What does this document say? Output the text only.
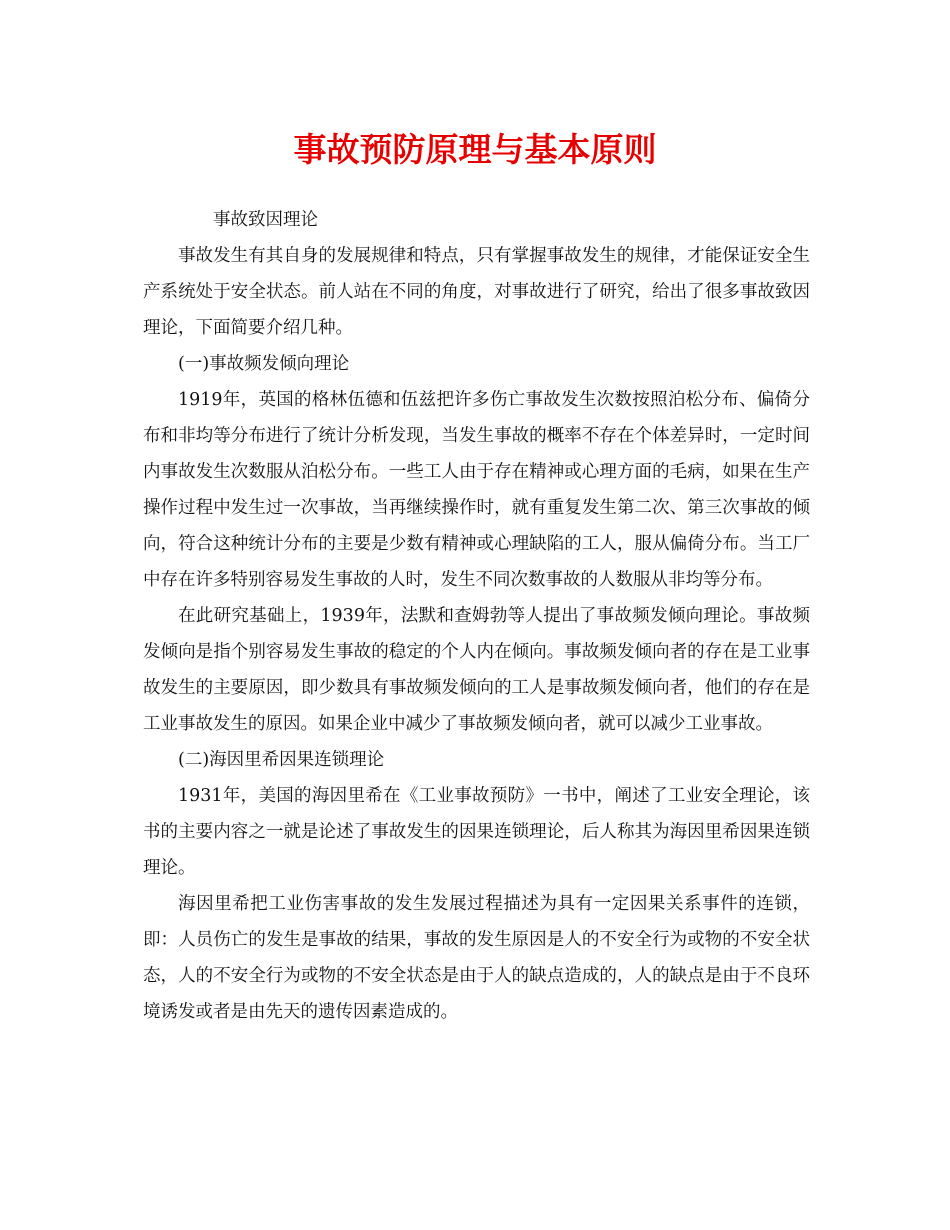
事故预防原理与基本原则

事故致因理论

事故发生有其自身的发展规律和特点，只有掌握事故发生的规律，才能保证安全生产系统处于安全状态。前人站在不同的角度，对事故进行了研究，给出了很多事故致因理论，下面简要介绍几种。

(一)事故频发倾向理论

1919年，英国的格林伍德和伍兹把许多伤亡事故发生次数按照泊松分布、偏倚分布和非均等分布进行了统计分析发现，当发生事故的概率不存在个体差异时，一定时间内事故发生次数服从泊松分布。一些工人由于存在精神或心理方面的毛病，如果在生产操作过程中发生过一次事故，当再继续操作时，就有重复发生第二次、第三次事故的倾向，符合这种统计分布的主要是少数有精神或心理缺陷的工人，服从偏倚分布。当工厂中存在许多特别容易发生事故的人时，发生不同次数事故的人数服从非均等分布。

在此研究基础上，1939年，法默和查姆勃等人提出了事故频发倾向理论。事故频发倾向是指个别容易发生事故的稳定的个人内在倾向。事故频发倾向者的存在是工业事故发生的主要原因，即少数具有事故频发倾向的工人是事故频发倾向者，他们的存在是工业事故发生的原因。如果企业中减少了事故频发倾向者，就可以减少工业事故。

(二)海因里希因果连锁理论

1931年，美国的海因里希在《工业事故预防》一书中，阐述了工业安全理论，该书的主要内容之一就是论述了事故发生的因果连锁理论，后人称其为海因里希因果连锁理论。

海因里希把工业伤害事故的发生发展过程描述为具有一定因果关系事件的连锁，即：人员伤亡的发生是事故的结果，事故的发生原因是人的不安全行为或物的不安全状态，人的不安全行为或物的不安全状态是由于人的缺点造成的，人的缺点是由于不良环境诱发或者是由先天的遗传因素造成的。
